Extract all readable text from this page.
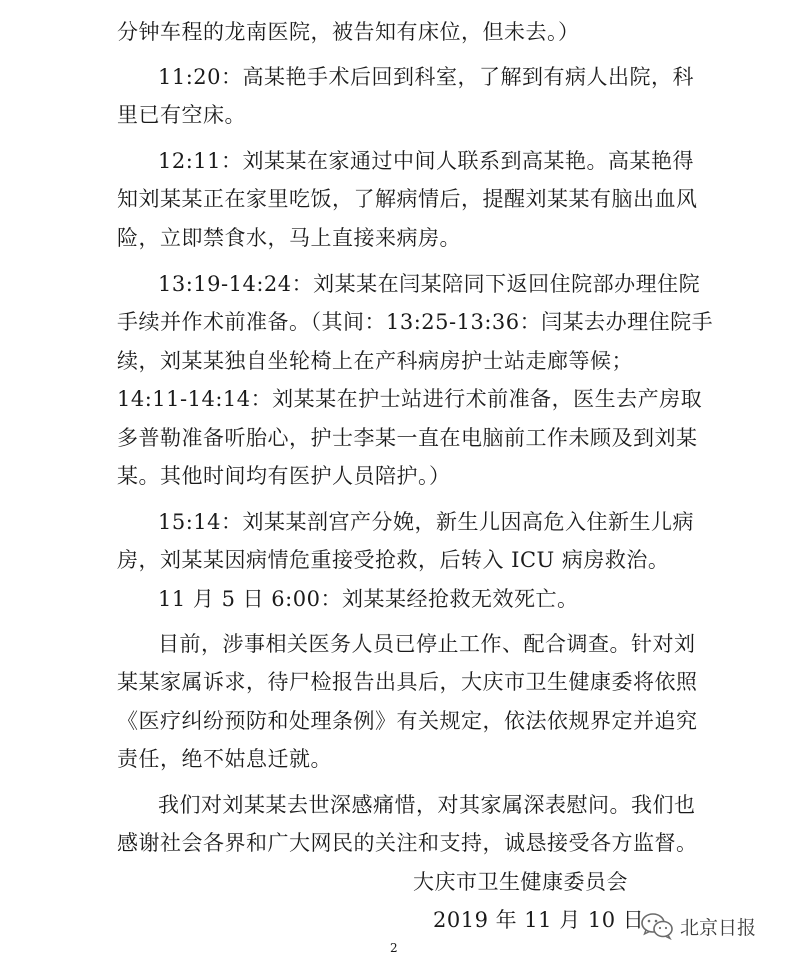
分钟车程的龙南医院，被告知有床位，但未去。）
11:20：高某艳手术后回到科室，了解到有病人出院，科
里已有空床。
12:11：刘某某在家通过中间人联系到高某艳。高某艳得
知刘某某正在家里吃饭，了解病情后，提醒刘某某有脑出血风
险，立即禁食水，马上直接来病房。
13:19-14:24：刘某某在闫某陪同下返回住院部办理住院
手续并作术前准备。（其间：13:25-13:36：闫某去办理住院手
续，刘某某独自坐轮椅上在产科病房护士站走廊等候；
14:11-14:14：刘某某在护士站进行术前准备，医生去产房取
多普勒准备听胎心，护士李某一直在电脑前工作未顾及到刘某
某。其他时间均有医护人员陪护。）
15:14：刘某某剖宫产分娩，新生儿因高危入住新生儿病
房，刘某某因病情危重接受抢救，后转入 ICU 病房救治。
11 月 5 日 6:00：刘某某经抢救无效死亡。
目前，涉事相关医务人员已停止工作、配合调查。针对刘
某某家属诉求，待尸检报告出具后，大庆市卫生健康委将依照
《医疗纠纷预防和处理条例》有关规定，依法依规界定并追究
责任，绝不姑息迁就。
我们对刘某某去世深感痛惜，对其家属深表慰问。我们也
感谢社会各界和广大网民的关注和支持，诚恳接受各方监督。
大庆市卫生健康委员会
2019 年 11 月 10 日
2
北京日报
